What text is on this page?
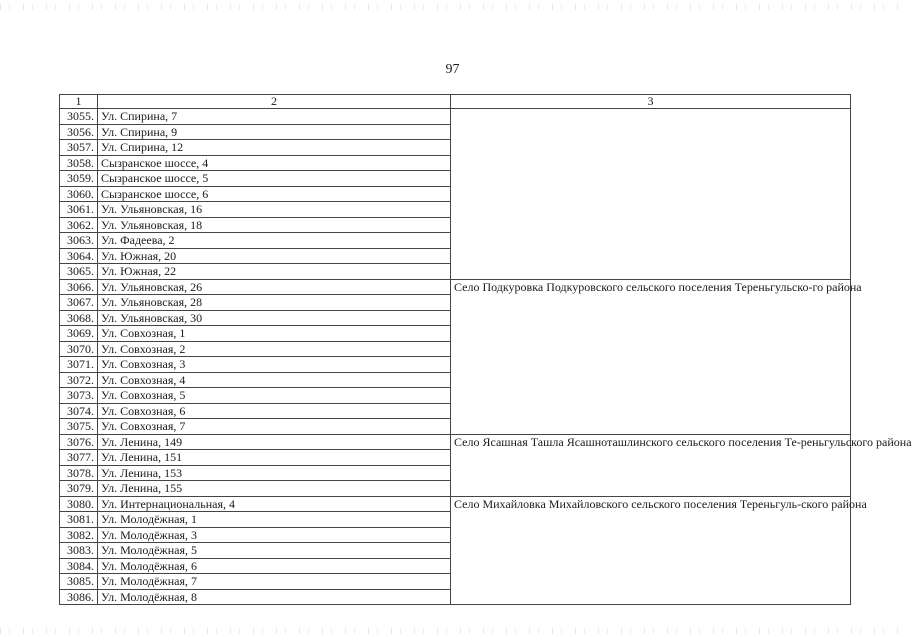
97
1	2	3
3055.	Ул. Спирина, 7	
3056.	Ул. Спирина, 9	
3057.	Ул. Спирина, 12	
3058.	Сызранское шоссе, 4	
3059.	Сызранское шоссе, 5	
3060.	Сызранское шоссе, 6	
3061.	Ул. Ульяновская, 16	
3062.	Ул. Ульяновская, 18	
3063.	Ул. Фадеева, 2	
3064.	Ул. Южная, 20	
3065.	Ул. Южная, 22	
3066.	Ул. Ульяновская, 26	Село Подкуровка Подкуровского сельского поселения Тереньгульско-го района
3067.	Ул. Ульяновская, 28	
3068.	Ул. Ульяновская, 30	
3069.	Ул. Совхозная, 1	
3070.	Ул. Совхозная, 2	
3071.	Ул. Совхозная, 3	
3072.	Ул. Совхозная, 4	
3073.	Ул. Совхозная, 5	
3074.	Ул. Совхозная, 6	
3075.	Ул. Совхозная, 7	
3076.	Ул. Ленина, 149	Село Ясашная Ташла Ясашноташлинского сельского поселения Те-реньгульского района
3077.	Ул. Ленина, 151	
3078.	Ул. Ленина, 153	
3079.	Ул. Ленина, 155	
3080.	Ул. Интернациональная, 4	Село Михайловка Михайловского сельского поселения Тереньгуль-ского района
3081.	Ул. Молодёжная, 1	
3082.	Ул. Молодёжная, 3	
3083.	Ул. Молодёжная, 5	
3084.	Ул. Молодёжная, 6	
3085.	Ул. Молодёжная, 7	
3086.	Ул. Молодёжная, 8	
